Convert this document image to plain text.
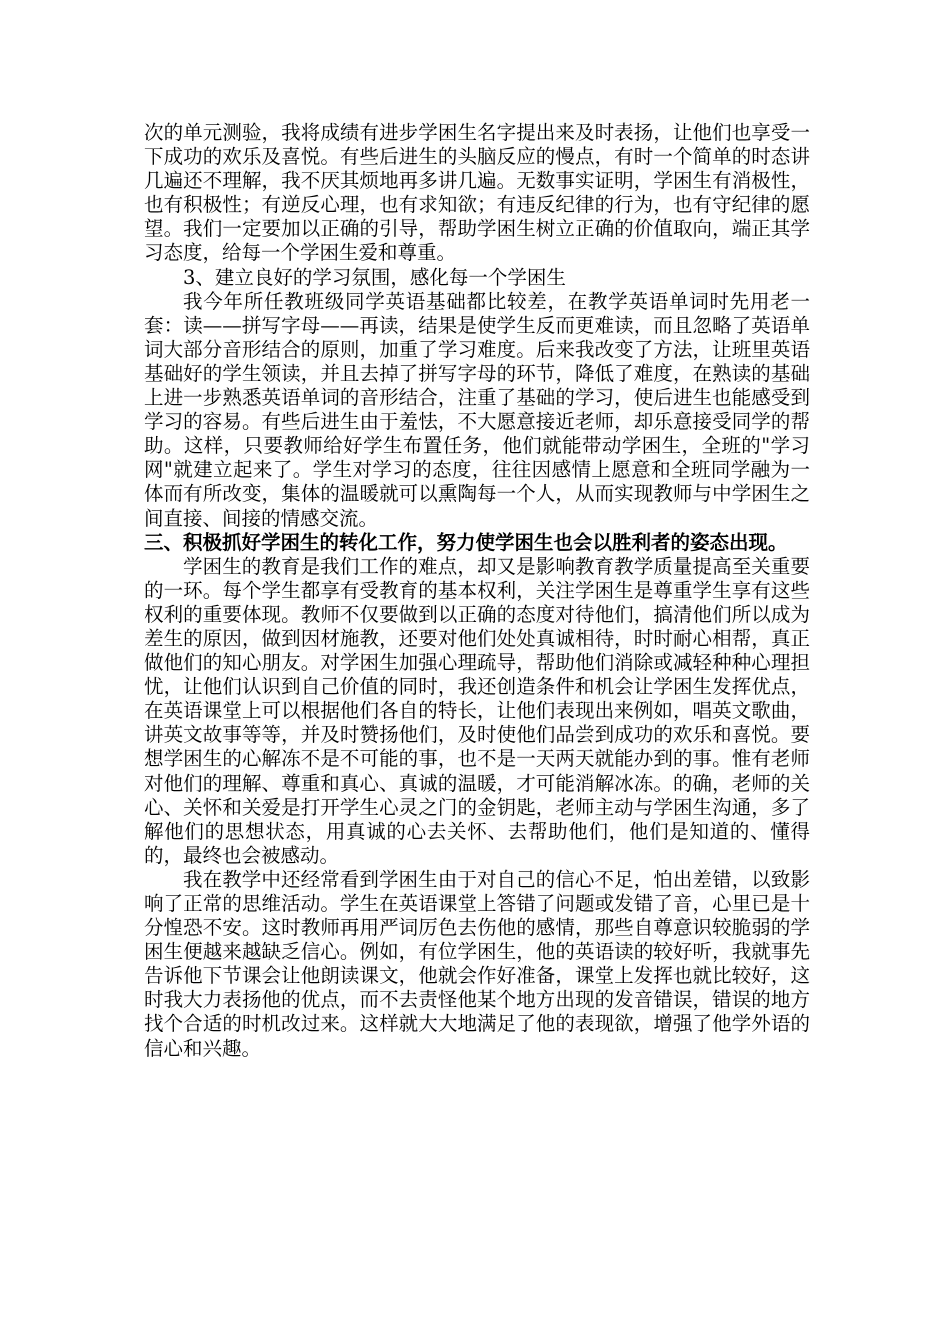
次的单元测验，我将成绩有进步学困生名字提出来及时表扬，让他们也享受一下成功的欢乐及喜悦。有些后进生的头脑反应的慢点，有时一个简单的时态讲几遍还不理解，我不厌其烦地再多讲几遍。无数事实证明，学困生有消极性，也有积极性；有逆反心理，也有求知欲；有违反纪律的行为，也有守纪律的愿望。我们一定要加以正确的引导，帮助学困生树立正确的价值取向，端正其学习态度，给每一个学困生爱和尊重。

3、建立良好的学习氛围，感化每一个学困生

我今年所任教班级同学英语基础都比较差，在教学英语单词时先用老一套：读——拼写字母——再读，结果是使学生反而更难读，而且忽略了英语单词大部分音形结合的原则，加重了学习难度。后来我改变了方法，让班里英语基础好的学生领读，并且去掉了拼写字母的环节，降低了难度，在熟读的基础上进一步熟悉英语单词的音形结合，注重了基础的学习，使后进生也能感受到学习的容易。有些后进生由于羞怯，不大愿意接近老师，却乐意接受同学的帮助。这样，只要教师给好学生布置任务，他们就能带动学困生，全班的"学习网"就建立起来了。学生对学习的态度，往往因感情上愿意和全班同学融为一体而有所改变，集体的温暖就可以熏陶每一个人，从而实现教师与中学困生之间直接、间接的情感交流。

三、积极抓好学困生的转化工作，努力使学困生也会以胜利者的姿态出现。

学困生的教育是我们工作的难点，却又是影响教育教学质量提高至关重要的一环。每个学生都享有受教育的基本权利，关注学困生是尊重学生享有这些权利的重要体现。教师不仅要做到以正确的态度对待他们，搞清他们所以成为差生的原因，做到因材施教，还要对他们处处真诚相待，时时耐心相帮，真正做他们的知心朋友。对学困生加强心理疏导，帮助他们消除或减轻种种心理担忧，让他们认识到自己价值的同时，我还创造条件和机会让学困生发挥优点，在英语课堂上可以根据他们各自的特长，让他们表现出来例如，唱英文歌曲，讲英文故事等等，并及时赞扬他们，及时使他们品尝到成功的欢乐和喜悦。要想学困生的心解冻不是不可能的事，也不是一天两天就能办到的事。惟有老师对他们的理解、尊重和真心、真诚的温暖，才可能消解冰冻。的确，老师的关心、关怀和关爱是打开学生心灵之门的金钥匙，老师主动与学困生沟通，多了解他们的思想状态，用真诚的心去关怀、去帮助他们，他们是知道的、懂得的，最终也会被感动。

我在教学中还经常看到学困生由于对自己的信心不足，怕出差错，以致影响了正常的思维活动。学生在英语课堂上答错了问题或发错了音，心里已是十分惶恐不安。这时教师再用严词厉色去伤他的感情，那些自尊意识较脆弱的学困生便越来越缺乏信心。例如，有位学困生，他的英语读的较好听，我就事先告诉他下节课会让他朗读课文，他就会作好准备，课堂上发挥也就比较好，这时我大力表扬他的优点，而不去责怪他某个地方出现的发音错误，错误的地方找个合适的时机改过来。这样就大大地满足了他的表现欲，增强了他学外语的信心和兴趣。
